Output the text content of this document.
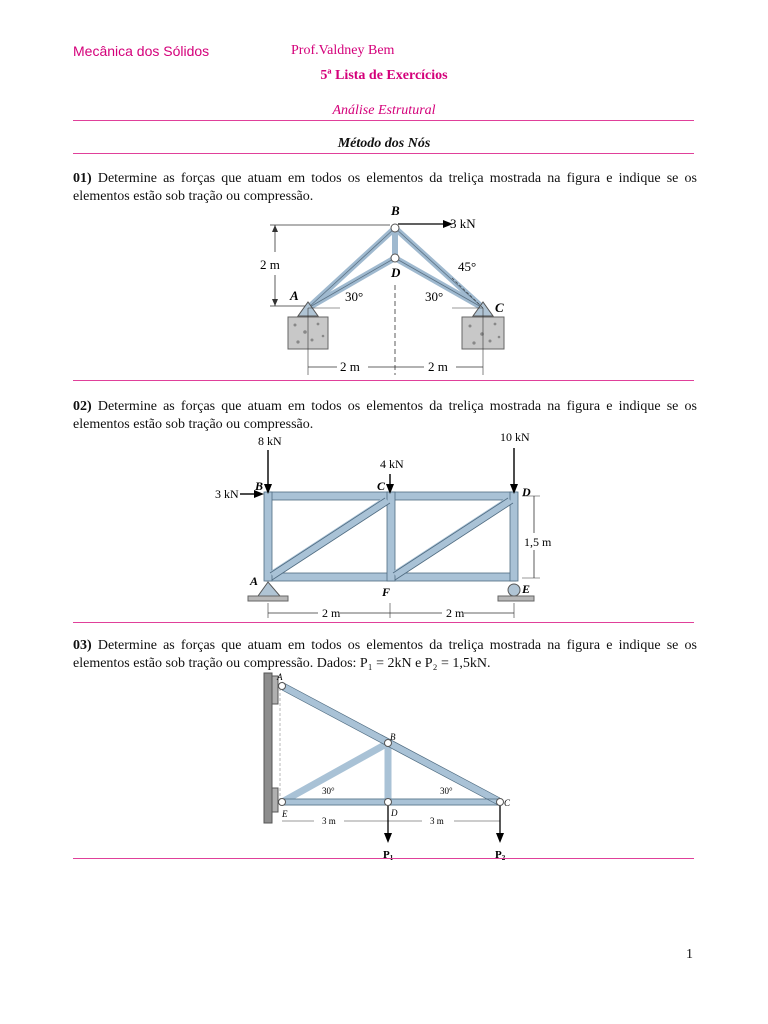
Mecânica dos Sólidos	Prof.Valdney Bem
5ª Lista de Exercícios
Análise Estrutural
Método dos Nós
01) Determine as forças que atuam em todos os elementos da treliça mostrada na figura e indique se os elementos estão sob tração ou compressão.
2 m
3 kN
30°	30°
45°
A
B
C
D
2 m	2 m
02) Determine as forças que atuam em todos os elementos da treliça mostrada na figura e indique se os elementos estão sob tração ou compressão.
8 kN
4 kN
10 kN
3 kN
B	C	D
A
E
F
1,5 m
2 m	2 m
03) Determine as forças que atuam em todos os elementos da treliça mostrada na figura e indique se os elementos estão sob tração ou compressão. Dados: P₁ = 2kN e P₂ = 1,5kN.
A
B
C
D
E
30°	30°
3 m	3 m
P1	P2
1
